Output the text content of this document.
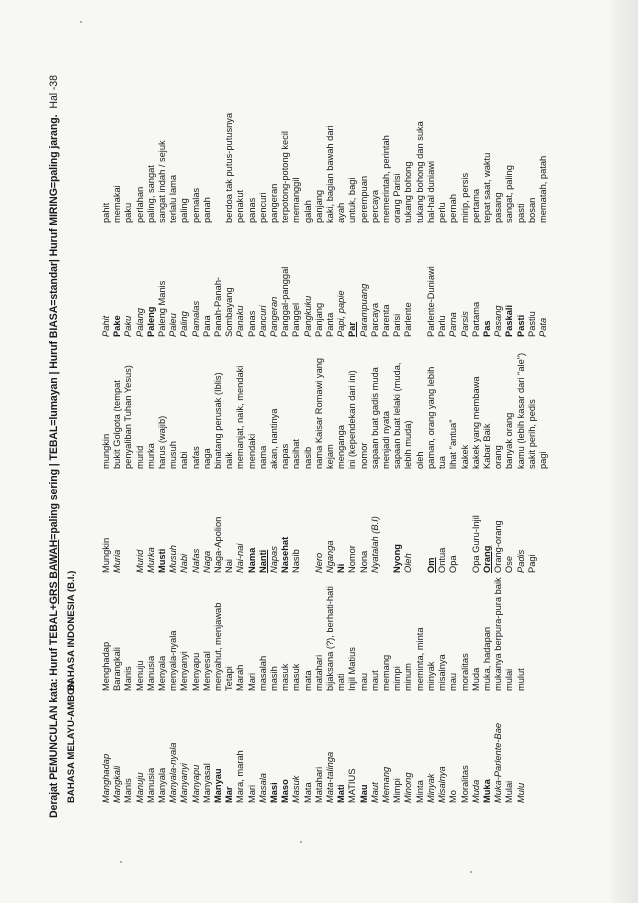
Derajat PEMUNCULAN kata: Huruf TEBAL+GRS BAWAH=paling sering | TEBAL=lumayan | Huruf BIASA=standar| Huruf MIRING=paling jarang.Hal -38
BAHASA MELAYU-AMBON	Manghadap Mangkali Manis Manuju Manusia Manyala Manyala-nyala Manyanyi Manyapu Manyasal Manyau Mar Mara, marah Mari Masala Masi Maso Masuk Mata Matahari Mata-talinga Mati MATIUS Mau Maut Memang Mimpi Minong Minta Minyak Misalnya Mo Moralitas Muda Muka Muka-Parlente-Bae Mulai Mulu
BAHASA INDONESIA (B.I.)	Menghadap Barangkali Manis Menuju Manusia Menyala menyala-nyala Menyanyi Menyapu Menyesal menyahut, menjawab Tetapi Marah Mari masalah masih masuk masuk mata matahari bijaksana (?), berhati-hati mati Injil Matius mau maut memang mimpi minum meminta, minta minyak misalnya mau moralitas Muda muka, hadapan mukanya berpura-pura baik mulai mulut
Mungkin Muria
Murid Murka Musti Musuh Nabi Nafas Naga Naga-Apolion Nai Nai-nai Nama Nanti Napas Nasehat Nasib
Nero Nganga Ni Nomor Nona Nyatalah (B.I)
Nyong Oleh
Om Ontua Opa
Opa Guru-Injil Orang Orang-orang Ose Padis Pagi
mungkin bukit Golgota (tempat penyaliban Tuhan Yesus) murid murka harus (wajib) musuh nabi nafas naga binatang perusak (Iblis) naik memanjat, naik, mendaki mendaki nama akan, nantinya napas nasihat nasib nama Kaisar Romawi yang kejam menganga ini (kependekan dari ini) nomor sapaan buat gadis muda menjadi nyata sapaan buat lelaki (muda, lebih muda) oleh paman, orang yang lebih tua lihat "antua" kakek kakek yang membawa Kabar Baik orang banyak orang kamu (lebih kasar dari "ale") sakit perih, pedis pagi
Pahit Pake Paku Palang Paleng Paleng Manis Paleu Paling Pamalas Pana Panah-Panah- Sombayang Panaku Panas Pancuri Pangeran Panggal-panggal Panggel Pangkuku Panjang Panta Papi, papie Par Parampuang Parcaya Parenta Parisi Parlente
Parlente-Duniawi Parlu Parna Parsis Partama Pas Pasang Paskali Pasti Pastiu Pata
pahit memakai paku perlahan paling, sangat sangat indah / sejuk terlalu lama paling pemalas panah
berdoa tak putus-putusnya penakut panas pencuri pangeran terpotong-potong kecil memanggil galah panjang kaki, bagian bawah dari ayah untuk, bagi perempuan percaya memerintah, perintah orang Parisi tukang bohong tukang bohong dan suka hal-hal duniawi perlu pernah mirip, persis pertama tepat saat, waktu pasang sangat, paling pasti bosan mematah, patah
